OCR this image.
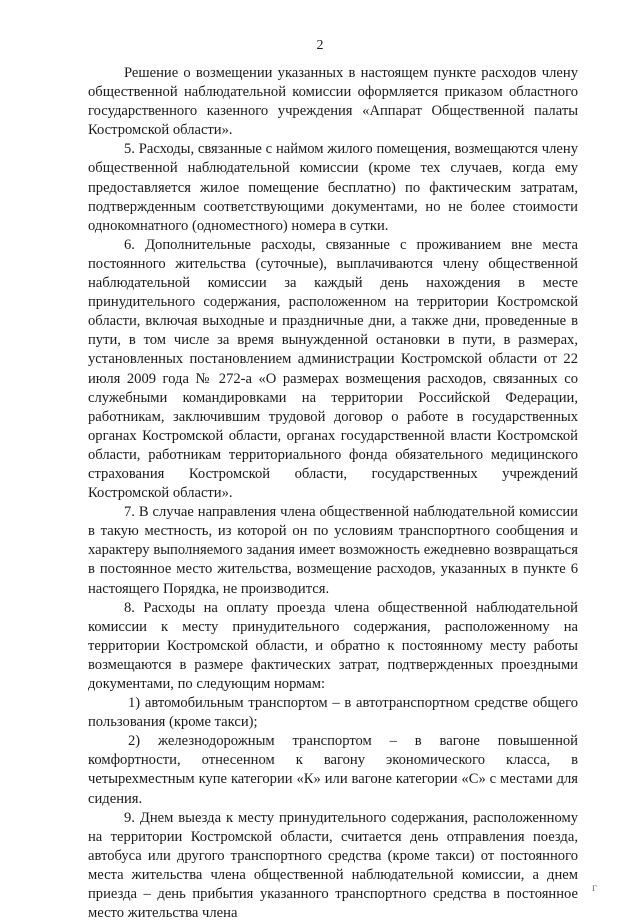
2

Решение о возмещении указанных в настоящем пункте расходов члену общественной наблюдательной комиссии оформляется приказом областного государственного казенного учреждения «Аппарат Общественной палаты Костромской области».

5. Расходы, связанные с наймом жилого помещения, возмещаются члену общественной наблюдательной комиссии (кроме тех случаев, когда ему предоставляется жилое помещение бесплатно) по фактическим затратам, подтвержденным соответствующими документами, но не более стоимости однокомнатного (одноместного) номера в сутки.

6. Дополнительные расходы, связанные с проживанием вне места постоянного жительства (суточные), выплачиваются члену общественной наблюдательной комиссии за каждый день нахождения в месте принудительного содержания, расположенном на территории Костромской области, включая выходные и праздничные дни, а также дни, проведенные в пути, в том числе за время вынужденной остановки в пути, в размерах, установленных постановлением администрации Костромской области от 22 июля 2009 года № 272-а «О размерах возмещения расходов, связанных со служебными командировками на территории Российской Федерации, работникам, заключившим трудовой договор о работе в государственных органах Костромской области, органах государственной власти Костромской области, работникам территориального фонда обязательного медицинского страхования Костромской области, государственных учреждений Костромской области».

7. В случае направления члена общественной наблюдательной комиссии в такую местность, из которой он по условиям транспортного сообщения и характеру выполняемого задания имеет возможность ежедневно возвращаться в постоянное место жительства, возмещение расходов, указанных в пункте 6 настоящего Порядка, не производится.

8. Расходы на оплату проезда члена общественной наблюдательной комиссии к месту принудительного содержания, расположенному на территории Костромской области, и обратно к постоянному месту работы возмещаются в размере фактических затрат, подтвержденных проездными документами, по следующим нормам:

1) автомобильным транспортом – в автотранспортном средстве общего пользования (кроме такси);

2) железнодорожным транспортом – в вагоне повышенной комфортности, отнесенном к вагону экономического класса, в четырехместным купе категории «К» или вагоне категории «С» с местами для сидения.

9. Днем выезда к месту принудительного содержания, расположенному на территории Костромской области, считается день отправления поезда, автобуса или другого транспортного средства (кроме такси) от постоянного места жительства члена общественной наблюдательной комиссии, а днем приезда – день прибытия указанного транспортного средства в постоянное место жительства члена

г
